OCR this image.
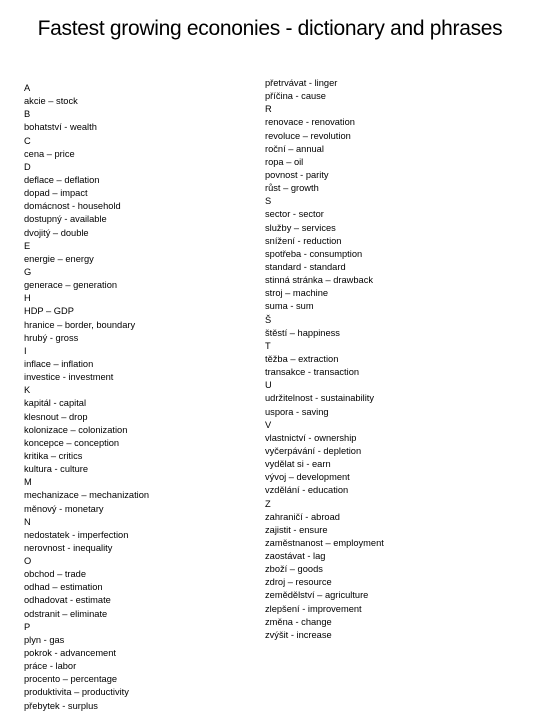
Fastest growing econonies - dictionary and phrases
A
akcie – stock
B
bohatství - wealth
C
cena – price
D
deflace – deflation
dopad – impact
domácnost - household
dostupný - available
dvojitý – double
E
energie – energy
G
generace – generation
H
HDP – GDP
hranice – border, boundary
hrubý - gross
I
inflace – inflation
investice - investment
K
kapitál - capital
klesnout – drop
kolonizace – colonization
koncepce – conception
kritika – critics
kultura - culture
M
mechanizace – mechanization
měnový - monetary
N
nedostatek - imperfection
nerovnost - inequality
O
obchod – trade
odhad – estimation
odhadovat - estimate
odstranit – eliminate
P
plyn - gas
pokrok - advancement
práce - labor
procento – percentage
produktivita – productivity
přebytek - surplus
přetrvávat - linger
příčina - cause
R
renovace - renovation
revoluce – revolution
roční – annual
ropa – oil
povnost - parity
růst – growth
S
sector - sector
služby – services
snížení - reduction
spotřeba - consumption
standard - standard
stinná stránka – drawback
stroj – machine
suma - sum
Š
štěstí – happiness
T
těžba – extraction
transakce - transaction
U
udržitelnost - sustainability
uspora - saving
V
vlastnictví - ownership
vyčerpávání - depletion
vydělat si - earn
vývoj – development
vzdělání - education
Z
zahraničí - abroad
zajistit - ensure
zaměstnanost – employment
zaostávat - lag
zboží – goods
zdroj – resource
zemědělství – agriculture
zlepšení - improvement
změna - change
zvýšit - increase
